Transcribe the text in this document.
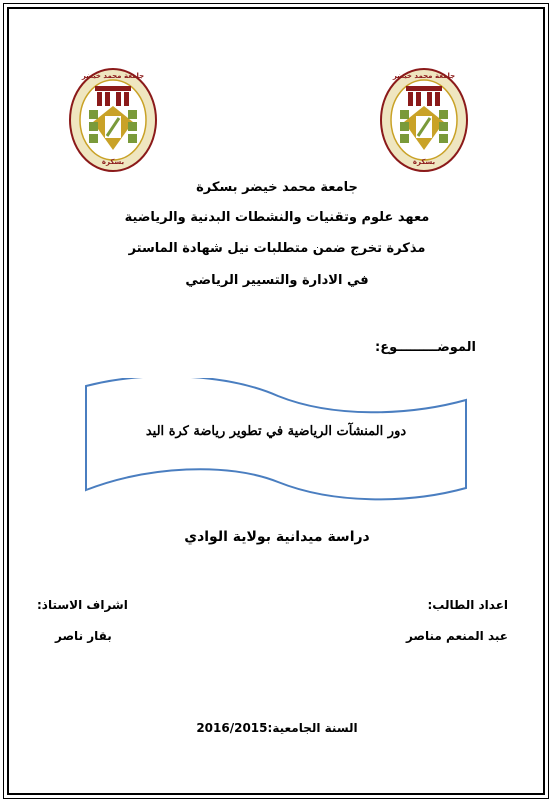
جامعة محمد خيضر
بسكرة
جامعة محمد خيضر
بسكرة
جامعة محمد خيضر بسكرة
معهد علوم وتقنيات والنشطات البدنية والرياضية
مذكرة تخرج ضمن متطلبات نيل شهادة الماستر
في الادارة والتسيير الرياضي
الموضـــــــــوع:
دور المنشآت الرياضية في تطوير رياضة كرة اليد
دراسة ميدانية بولاية الوادي
اعداد الطالب:
عبد المنعم مناصر
اشراف الاستاذ:
بقار ناصر
السنة الجامعية:2016/2015
